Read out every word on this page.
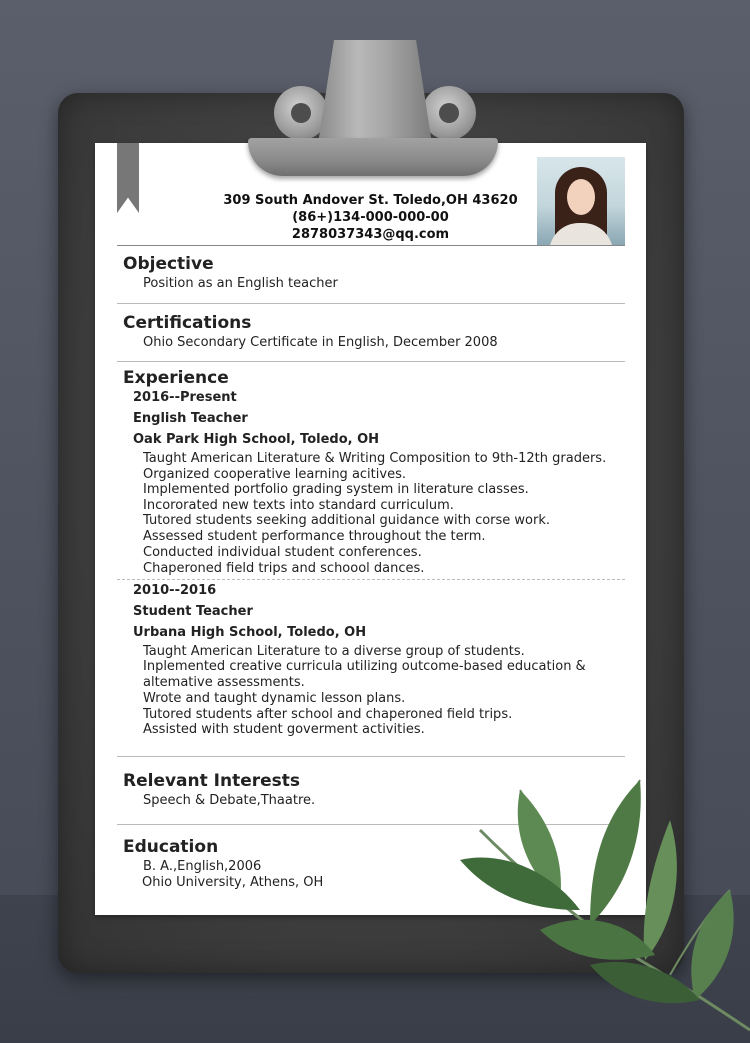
309 South Andover St. Toledo,OH 43620
(86+)134-000-000-00
2878037343@qq.com
Objective
Position as an English teacher
Certifications
Ohio Secondary Certificate in English, December 2008
Experience
2016--Present
English Teacher
Oak Park High School, Toledo, OH
Taught American Literature & Writing Composition to 9th-12th graders.
Organized cooperative learning acitives.
Implemented portfolio grading system in literature classes.
Incororated new texts into standard curriculum.
Tutored students seeking additional guidance with corse work.
Assessed student performance throughout the term.
Conducted individual student conferences.
Chaperoned field trips and schoool dances.
2010--2016
Student Teacher
Urbana High School, Toledo, OH
Taught American Literature to a diverse group of students.
Inplemented creative curricula utilizing outcome-based education &
altemative assessments.
Wrote and taught dynamic lesson plans.
Tutored students after school and chaperoned field trips.
Assisted with student goverment activities.
Relevant Interests
Speech & Debate,Thaatre.
Education
B. A.,English,2006
Ohio University, Athens, OH
